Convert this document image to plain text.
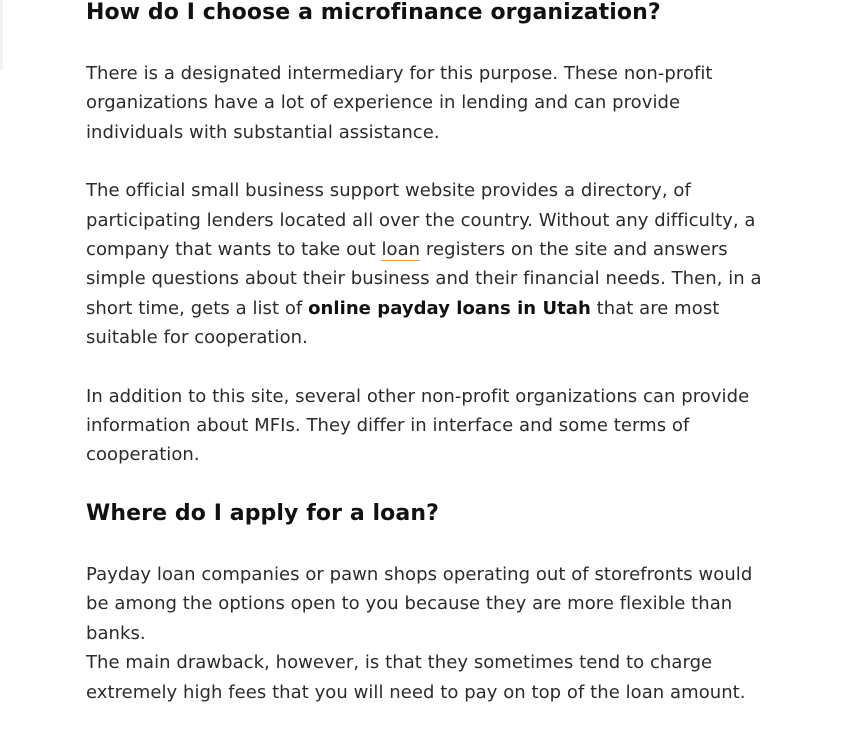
How do I choose a microfinance organization?

There is a designated intermediary for this purpose. These non-profit organizations have a lot of experience in lending and can provide individuals with substantial assistance.

The official small business support website provides a directory, of participating lenders located all over the country. Without any difficulty, a company that wants to take out loan registers on the site and answers simple questions about their business and their financial needs. Then, in a short time, gets a list of online payday loans in Utah that are most suitable for cooperation.

In addition to this site, several other non-profit organizations can provide information about MFIs. They differ in interface and some terms of cooperation.

Where do I apply for a loan?

Payday loan companies or pawn shops operating out of storefronts would be among the options open to you because they are more flexible than banks.

The main drawback, however, is that they sometimes tend to charge extremely high fees that you will need to pay on top of the loan amount.
